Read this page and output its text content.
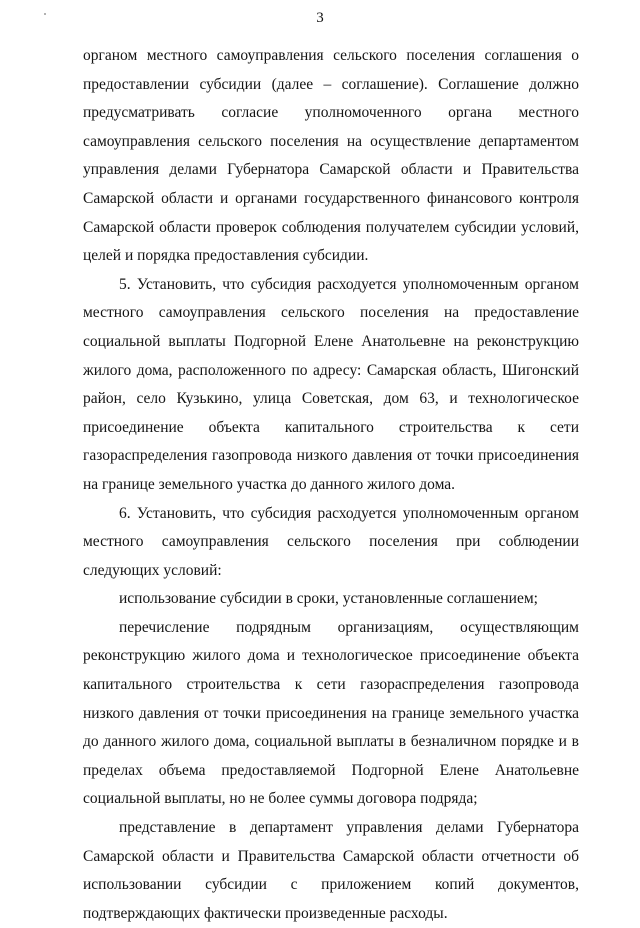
3

органом местного самоуправления сельского поселения соглашения о предоставлении субсидии (далее – соглашение). Соглашение должно предусматривать согласие уполномоченного органа местного самоуправления сельского поселения на осуществление департаментом управления делами Губернатора Самарской области и Правительства Самарской области и органами государственного финансового контроля Самарской области проверок соблюдения получателем субсидии условий, целей и порядка предоставления субсидии.

5. Установить, что субсидия расходуется уполномоченным органом местного самоуправления сельского поселения на предоставление социальной выплаты Подгорной Елене Анатольевне на реконструкцию жилого дома, расположенного по адресу: Самарская область, Шигонский район, село Кузькино, улица Советская, дом 63, и технологическое присоединение объекта капитального строительства к сети газораспределения газопровода низкого давления от точки присоединения на границе земельного участка до данного жилого дома.

6. Установить, что субсидия расходуется уполномоченным органом местного самоуправления сельского поселения при соблюдении следующих условий:

использование субсидии в сроки, установленные соглашением;

перечисление подрядным организациям, осуществляющим реконструкцию жилого дома и технологическое присоединение объекта капитального строительства к сети газораспределения газопровода низкого давления от точки присоединения на границе земельного участка до данного жилого дома, социальной выплаты в безналичном порядке и в пределах объема предоставляемой Подгорной Елене Анатольевне социальной выплаты, но не более суммы договора подряда;

представление в департамент управления делами Губернатора Самарской области и Правительства Самарской области отчетности об использовании субсидии с приложением копий документов, подтверждающих фактически произведенные расходы.
